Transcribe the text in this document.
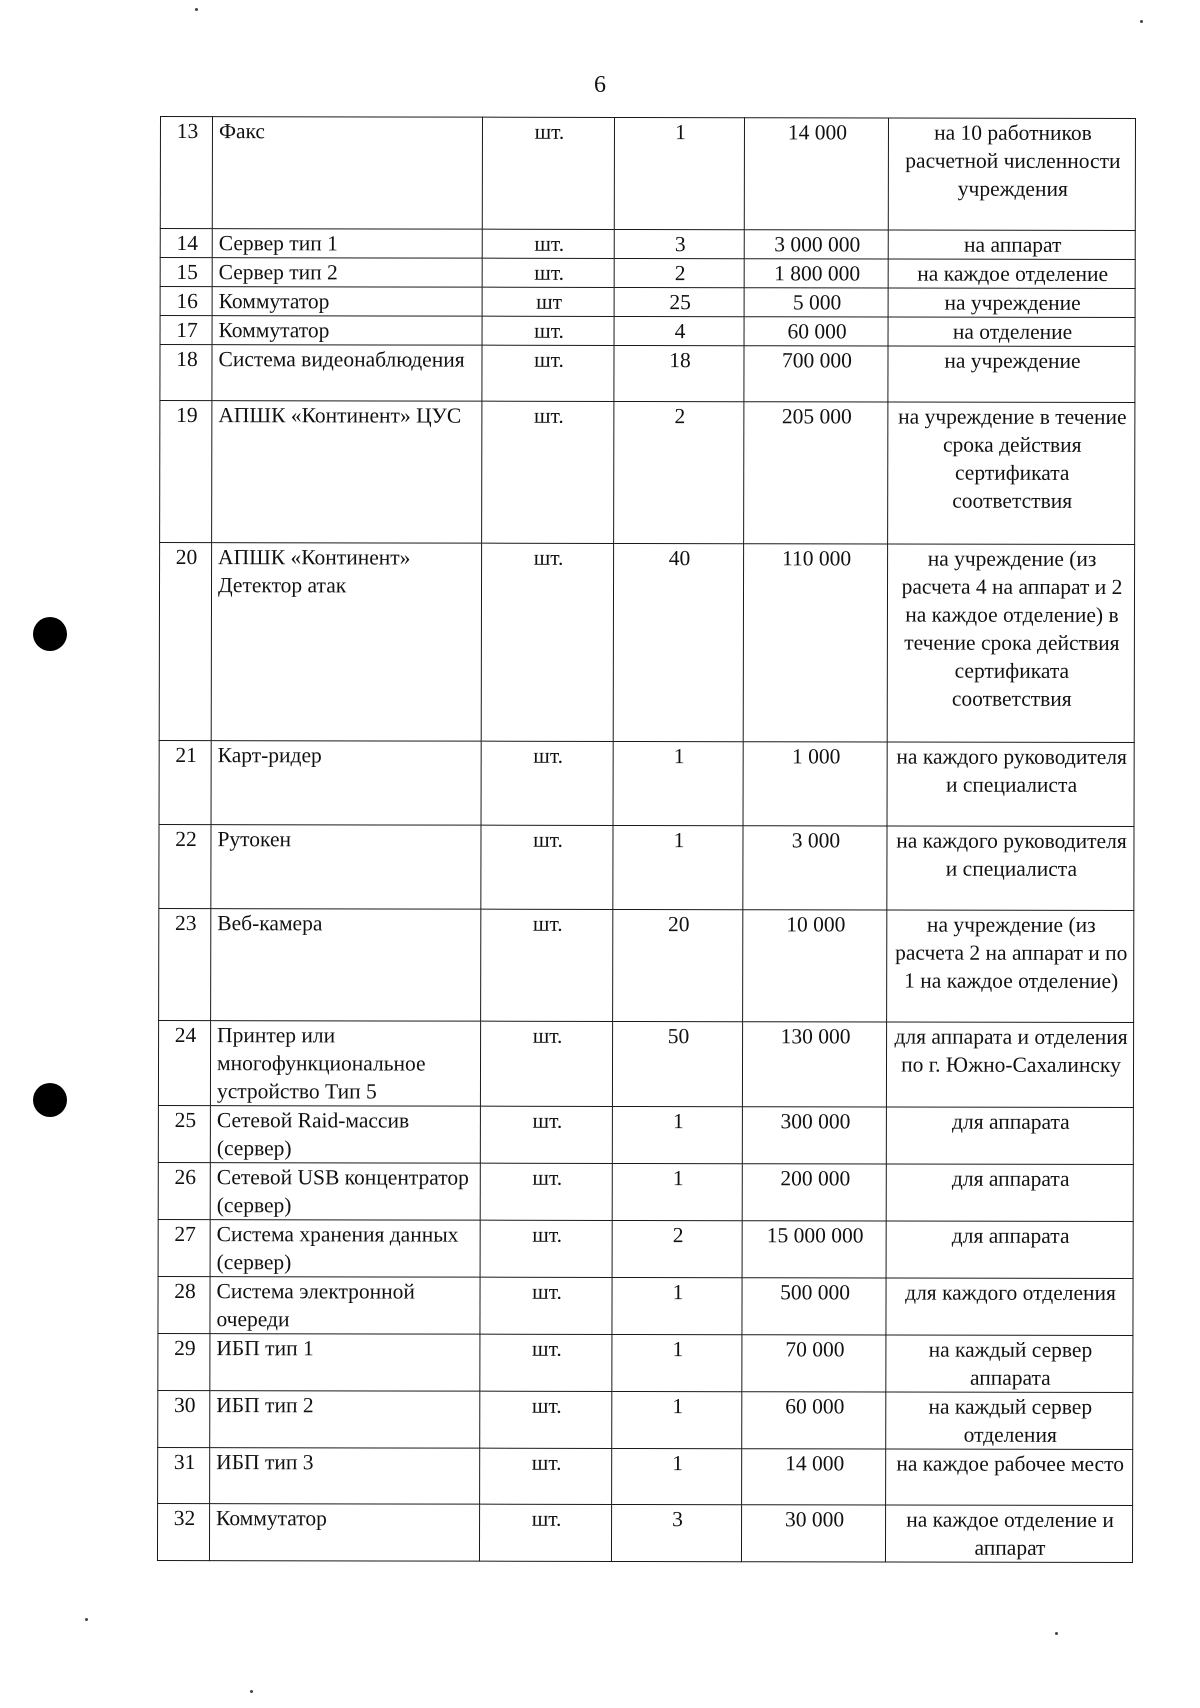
6
13	Факс	шт.	1	14 000	на 10 работников расчетной численности учреждения
14	Сервер тип 1	шт.	3	3 000 000	на аппарат
15	Сервер тип 2	шт.	2	1 800 000	на каждое отделение
16	Коммутатор	шт	25	5 000	на учреждение
17	Коммутатор	шт.	4	60 000	на отделение
18	Система видеонаблюдения	шт.	18	700 000	на учреждение
19	АПШК «Континент» ЦУС	шт.	2	205 000	на учреждение в течение срока действия сертификата соответствия
20	АПШК «Континент» Детектор атак	шт.	40	110 000	на учреждение (из расчета 4 на аппарат и 2 на каждое отделение) в течение срока действия сертификата соответствия
21	Карт-ридер	шт.	1	1 000	на каждого руководителя и специалиста
22	Рутокен	шт.	1	3 000	на каждого руководителя и специалиста
23	Веб-камера	шт.	20	10 000	на учреждение (из расчета 2 на аппарат и по 1 на каждое отделение)
24	Принтер или многофункциональное устройство Тип 5	шт.	50	130 000	для аппарата и отделения по г. Южно-Сахалинску
25	Сетевой Raid-массив (сервер)	шт.	1	300 000	для аппарата
26	Сетевой USB концентратор (сервер)	шт.	1	200 000	для аппарата
27	Система хранения данных (сервер)	шт.	2	15 000 000	для аппарата
28	Система электронной очереди	шт.	1	500 000	для каждого отделения
29	ИБП тип 1	шт.	1	70 000	на каждый сервер аппарата
30	ИБП тип 2	шт.	1	60 000	на каждый сервер отделения
31	ИБП тип 3	шт.	1	14 000	на каждое рабочее место
32	Коммутатор	шт.	3	30 000	на каждое отделение и аппарат
